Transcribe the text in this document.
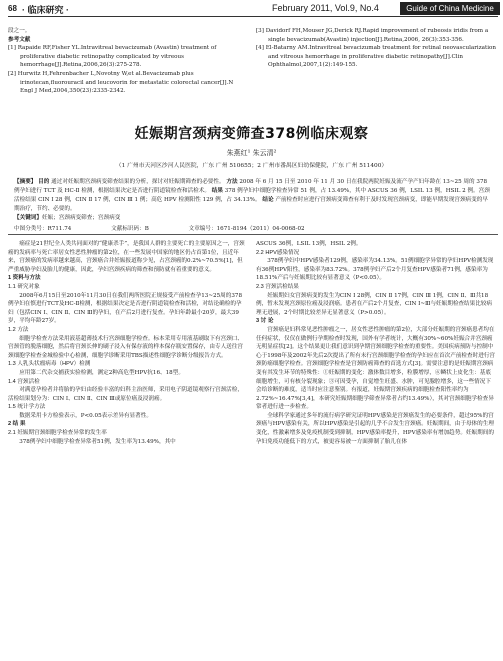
68 · 临床研究 ·	February 2011, Vol.9, No.4	Guide of China Medicine

段之一。

参考文献

[1] Rapaide RF,Fisher YL.Intravitreal bevacizumab (Avastin) treatment of proliferative diabetic retinopathy complicated by vitreous hemorrhage[J].Retina,2006,26(3):275-278.

[2] Hurwitz H,Fehrenbacher L,Novotny W,et al.Bevacizumab plus irinotecan,fluorouracil and leucovorin for metastatic colorectal cancer[J].N Engl J Med,2004,350(23):2335-2342.

[3] Davidorf FH,Mouser JG,Derick RJ.Rapid improvement of rubeosis iridis from a single bevacizumab(Avastin) injection[J].Retina,2006, 26(3):353-356.

[4] El-Batarny AM.Intravitreal bevacizumab treatment for retinal neovascularization and vitreous hemorrhage in proliferative diabetic retinopathy[J].Clin Ophthalmol,2007,1(2):149-155.

妊娠期宫颈病变筛查378例临床观察
朱燕红¹ 朱云清²
（1 广州市天河区沙河人民医院，广东 广州 510655；2 广州市番禺区妇幼保健院，广东 广州 511400）
【摘要】 目的 通过对妊娠期宫颈病变筛查结果的分析，探讨对妊娠期筛查的必要性。 方法 2008 年 6 月 15 日至 2010 年 11 月 30 日在我院两院妊娠及流产孕产妇年龄在 13~25 周的 378 例孕妇进行 TCT 及 HC-Ⅱ 检测，根据结果决定是否进行阴道镜检查和活检术。 结果 378 例孕妇中细胞学检查异常 51 例，占 13.49%，其中 ASCUS 36 例，LSIL 13 例，HSIL 2 例。宫颈活检结果 CIN Ⅰ 28 例，CIN Ⅱ 17 例，CIN Ⅲ 1 例；高危 HPV 检测阳性 129 例，占 34.13%。 结论 产前检查时应进行宫颈病变筛查有利于及时发现宫颈病变，即能早期发现宫颈病变的早期治疗，节约、必要的。
【关键词】妊娠；宫颈病变筛查；宫颈病变
中图分类号：R711.74	文献标识码：B	文章编号：1671-8194（2011）04-0068-02

　　癌症是21世纪全人类共同面对的“健康杀手”，是我国人群的主要死亡的主要原因之一，宫颈癌的发病率与死亡率居女性恶性肿瘤的第2位，在一些发展中国家的地区仍占首第1位，且近年来，宫颈癌的发病率越来越高，宫颈癌合并妊娠报道称少见，占宫颈癌的0.2%~70.5%[1]，但严重威胁孕妇及胎儿的健康，因此，孕妇宫颈疾病的筛查和预防就有着重要的意义。

1 资料与方法

1.1 研究对象

　　2008年6月15日至2010年11月30日在我们两所医院正规接受产前检查孕13~25周的378例孕妇在慎进行TCT及HC-Ⅱ检测，根据结果决定是否进行阴道镜检查和活检，对结论确检的孕妇（包括CIN Ⅰ、CIN Ⅱ、CIN Ⅲ的孕妇，在产后2月进行复查。孕妇年龄最小20岁，最大39岁，平均年龄27岁。

1.2 方法

　　细胞学检查方法采用液基超薄技术行宫颈细胞学检查。标本采用专用液基刷取下有宫颈口、宫颈管的脱落细胞，然后将宫颈长伸的刷子浸入有保存液的样本保存瓶安置保存，由专人送往宫颈细胞学检查金城检验中心检测，细胞学诊断采用TBS描述性细胞学诊断分级报告方式。

1.3 人乳头状瘤病毒（HPV）检测

　　应用第二代杂交捕获实验检测，测定2种高危型HPV抗16、18型。

1.4 宫颈活检

　　对满意孕检者并将胎的孕妇由经验丰富的妇科主治医师，采用电子阴道镜观察行宫颈活检，活检结果划分为：CIN Ⅰ、CIN Ⅱ、CIN Ⅲ或原位癌及浸润癌。

1.5 统计学方法

　　数据采用卡方检验表示，P<0.05表示差异有显著性。

2 结 果

2.1 妊娠期宫颈细胞学检查异常的发生率

　　378例孕妇中细胞学检查异常者51例，发生率为13.49%，其中

ASCUS 36例，LSIL 13例，HSIL 2例。

2.2 HPV感染情况

　　378例孕妇中HPV感染者129例，感染率为34.13%。51例细胞学异常的孕妇HPV检测发现有36例HPV阳性，感染率为83.72%。378例孕妇产后2个月复查HPV感染者71例，感染率为18.51%产后与妊娠期比较有显著意义（P<0.05）。

2.3 宫颈活检结果

　　妊娠期妇女宫颈病变的发生为CIN Ⅰ 28例，CIN Ⅱ 17例，CIN Ⅲ 1例，CIN Ⅱ、Ⅲ共18例，暂未发现宫颈原位癌及浸润癌。患者在产后2个月复查，CIN Ⅰ~Ⅲ与妊娠期检查结果比较病理无进展，2个时期比较差异无显著意义（P>0.05）。

3 讨 论

　　宫颈癌是妇科常见恶性肿瘤之一，居女性恶性肿瘤的第2位，大部分妊娠期的宫颈癌患者均在任何症状，仅仅在做例行孕期检查时发现，国外有学者统计，大概有30%~60%妊娠合并宫颈癌无明显症状[2]。这个结果更让我们意识到孕期宫颈细胞学检查的重要性。美国疾病预防与控制中心于1998年及2002年先后2次提出了所有未行宫颈细胞学检查的孕妇应在首次产前检查时进行宫颈防癌细胞学检查。宫颈细胞学检查是宫颈防癌筛查的首选方式[3]。需要注意的是妊娠期宫颈病变有其发生环节的特殊性：①妊娠期的变化：激体数目增多，粒膜增厚，⑥鳞状上皮化生：基底细胞增生，可有核分裂现象；③可因受孕，自觉增生旺盛、水肿，可见腺腔增多，这一些情况下会给诊断的难度，适当时应注意鉴别。有报道，妊娠期宫颈疾病的细胞检查阳性率约为2.72%~16.47%[3,4]，本研究妊娠期细胞学筛查异常者占约13.49%），其对宫颈细胞学检查异常者进行进一步检查。

　　全球科学家通过多年的流行病学研究证明HPV感染是宫颈癌发生的必要条件，超过95%的宫颈癌与HPV感染有关，所以HPV感染是引起的几乎不合发生宫颈癌。妊娠期间，由于母体的生理变化，性激素增多及免疫机制受到抑制，HPV感染率提升，HPV感染率有增加趋势。妊娠期间的孕妇免疫功能低下的方式，被更容易被一方面抑制了胎儿在体
